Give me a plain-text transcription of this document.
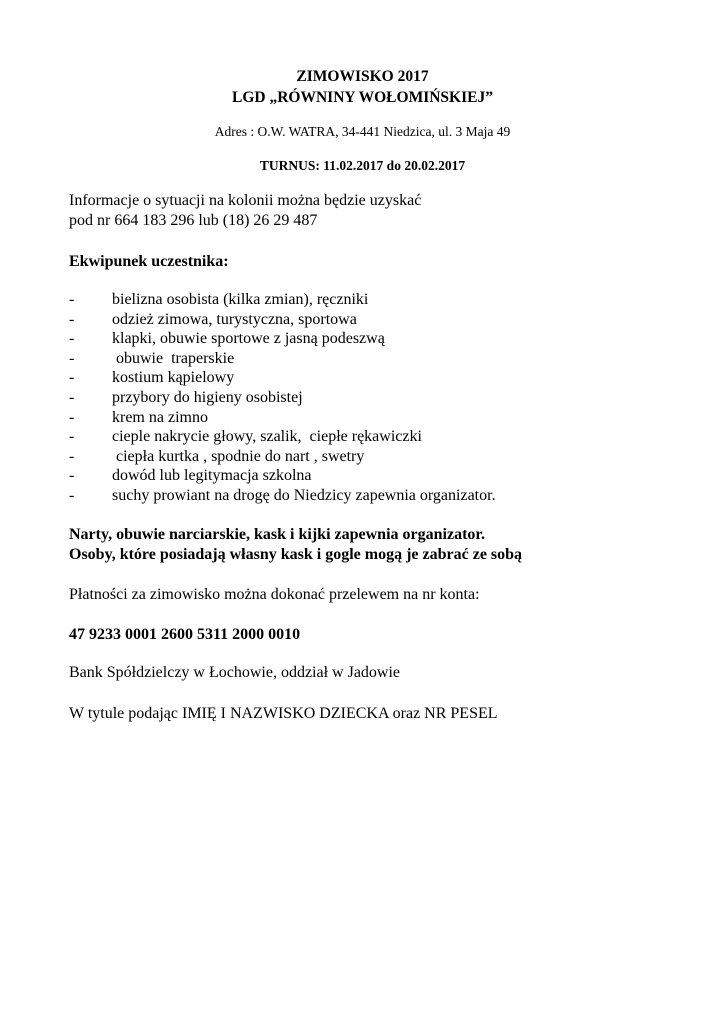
ZIMOWISKO 2017
LGD „RÓWNINY WOŁOMIŃSKIEJ”
Adres : O.W. WATRA, 34-441 Niedzica, ul. 3 Maja 49
TURNUS: 11.02.2017 do 20.02.2017
Informacje o sytuacji na kolonii można będzie uzyskać
pod nr 664 183 296 lub (18) 26 29 487
Ekwipunek uczestnika:
- bielizna osobista (kilka zmian), ręczniki
- odzież zimowa, turystyczna, sportowa
- klapki, obuwie sportowe z jasną podeszwą
- obuwie  traperskie
- kostium kąpielowy
- przybory do higieny osobistej
- krem na zimno
- cieple nakrycie głowy, szalik,  ciepłe rękawiczki
- ciepła kurtka , spodnie do nart , swetry
- dowód lub legitymacja szkolna
- suchy prowiant na drogę do Niedzicy zapewnia organizator.
Narty, obuwie narciarskie, kask i kijki zapewnia organizator.
Osoby, które posiadają własny kask i gogle mogą je zabrać ze sobą
Płatności za zimowisko można dokonać przelewem na nr konta:
47 9233 0001 2600 5311 2000 0010
Bank Spółdzielczy w Łochowie, oddział w Jadowie
W tytule podając IMIĘ I NAZWISKO DZIECKA oraz NR PESEL
